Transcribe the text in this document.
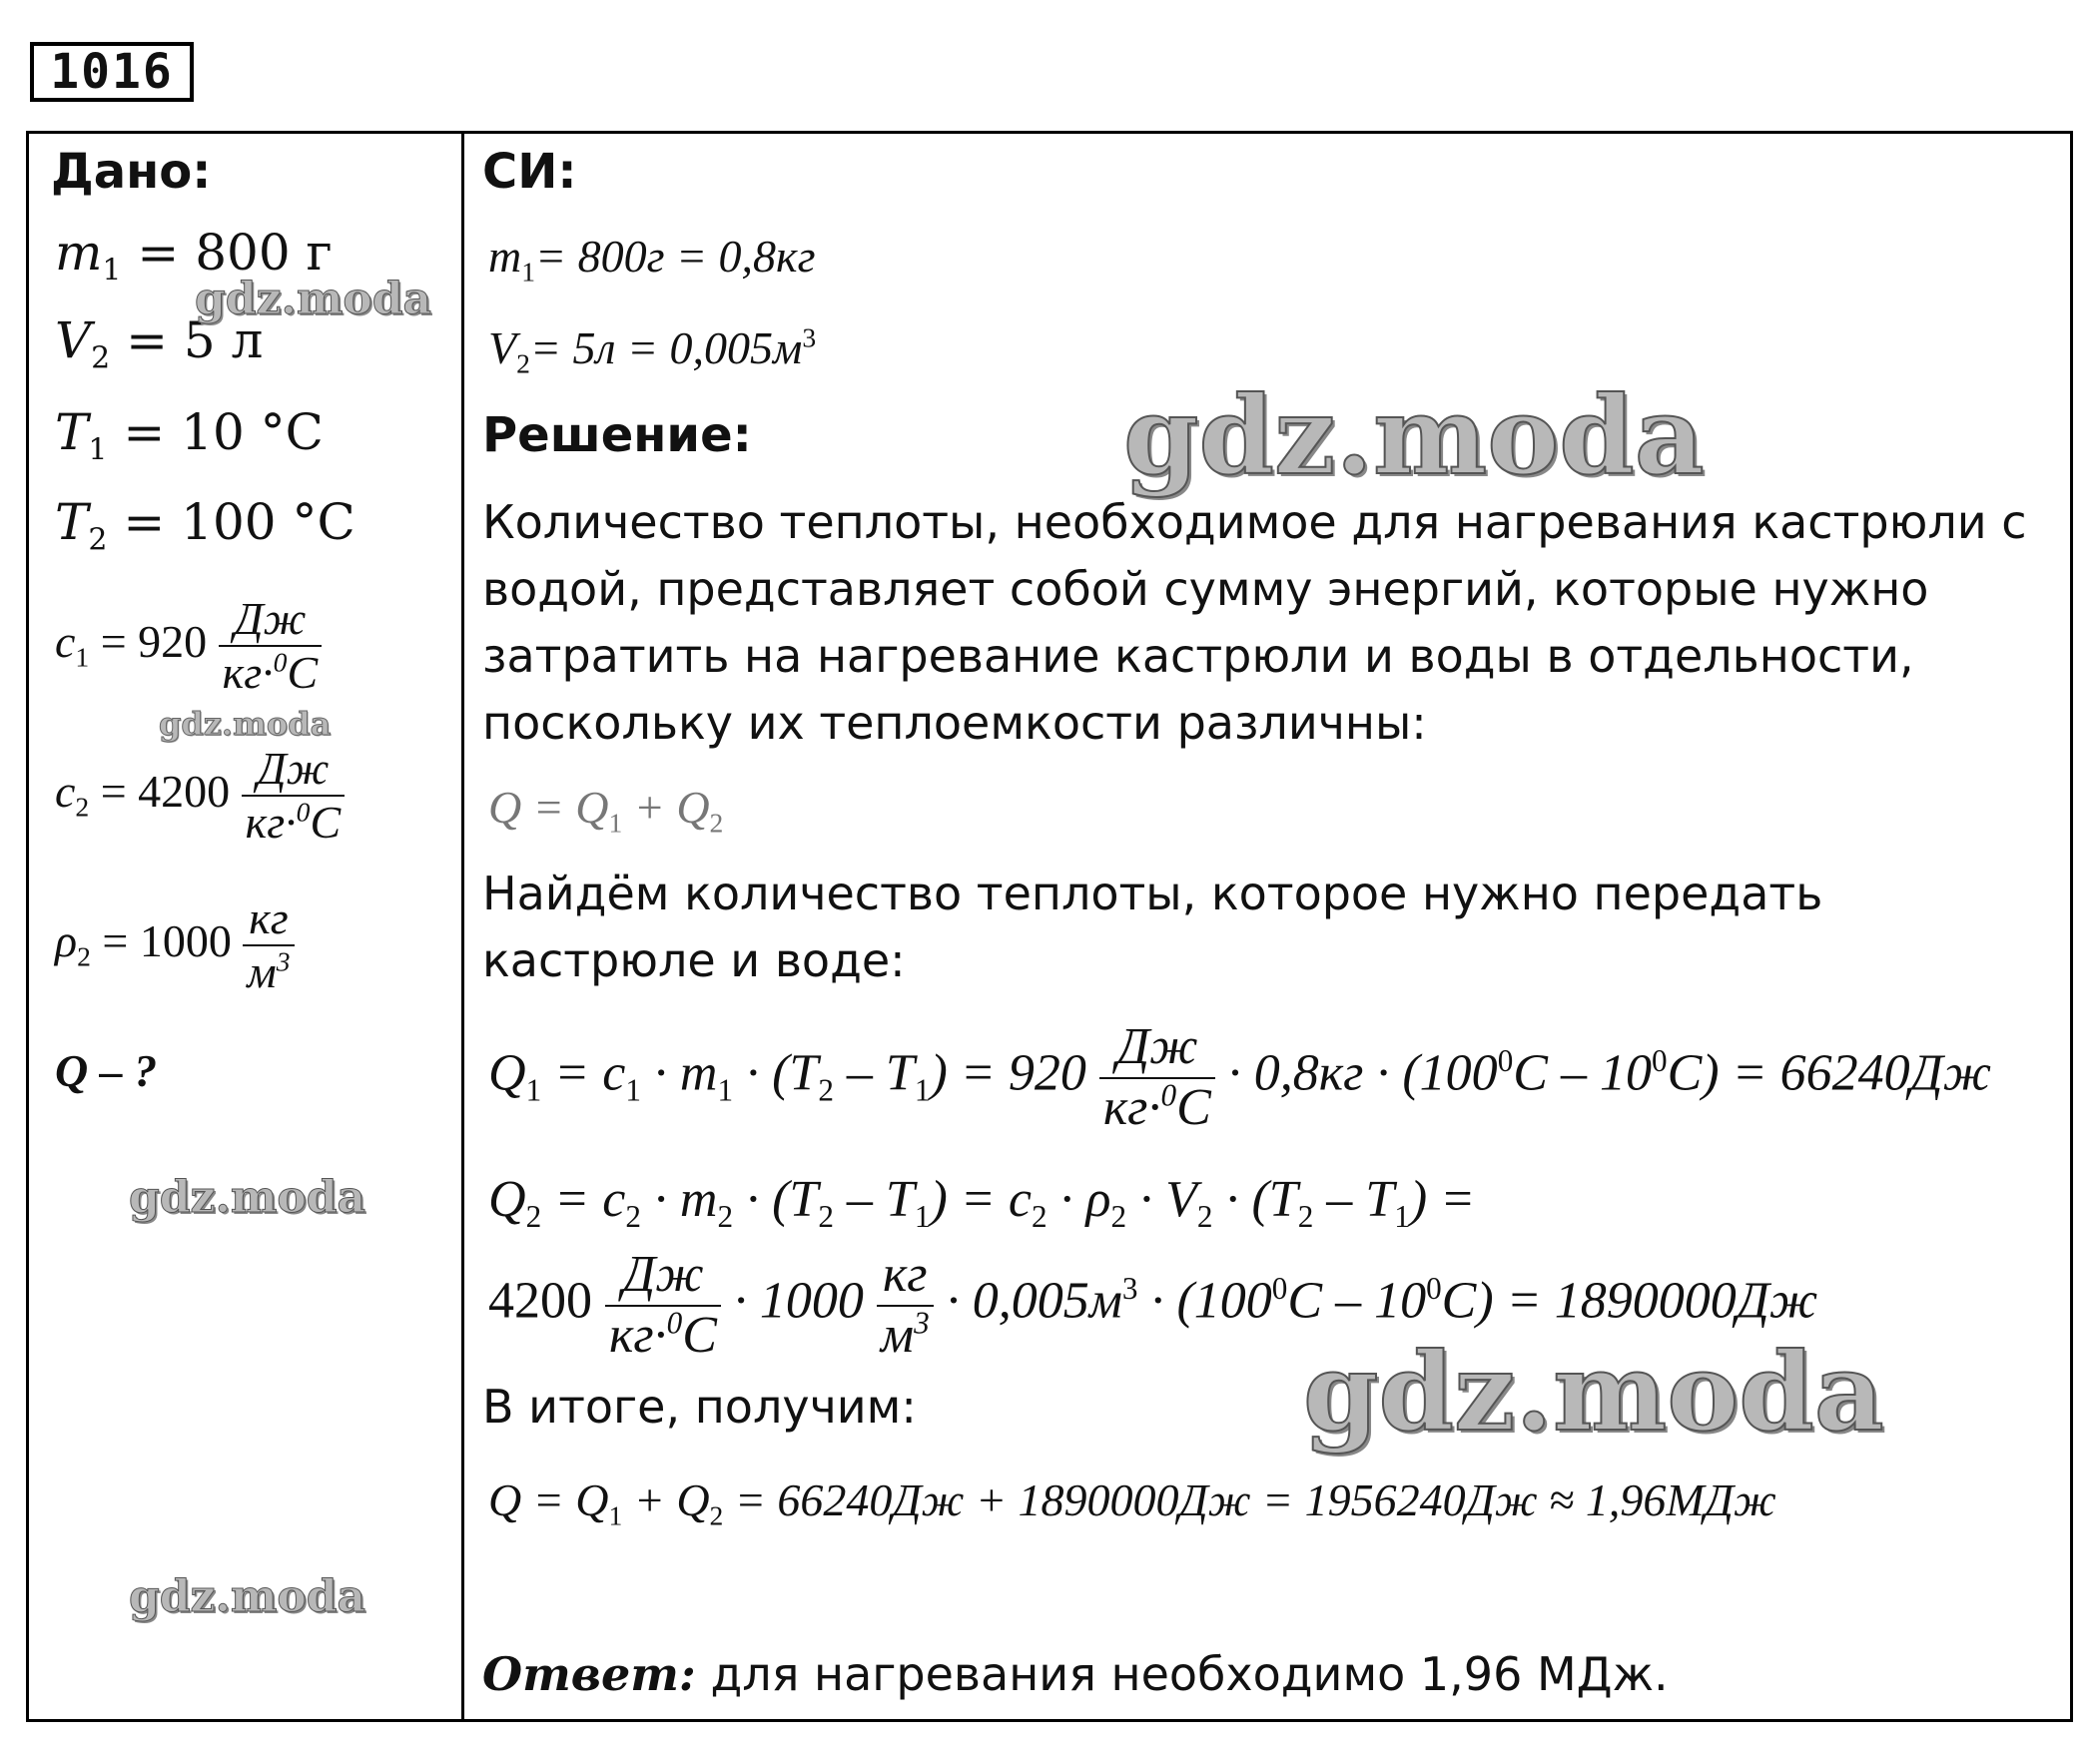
1016
Дано:
$m_1 = 800$ г
$V_2 = 5$ л
$T_1 = 10$ °C
$T_2 = 100$ °C
$c_1 = 920 \frac{Дж}{кг\cdot^0C}$
$c_2 = 4200 \frac{Дж}{кг\cdot^0C}$
$\rho_2 = 1000 \frac{кг}{м^3}$
Q – ?
gdz.moda
gdz.moda
gdz.moda
gdz.moda
СИ:
$m_1= 800г = 0,8кг$
$V_2= 5л = 0,005м^3$
Решение:
Количество теплоты, необходимое для нагревания кастрюли с
водой, представляет собой сумму энергий, которые нужно
затратить на нагревание кастрюли и воды в отдельности,
поскольку их теплоемкости различны:
$Q = Q_1 + Q_2$
Найдём количество теплоты, которое нужно передать
кастрюле и воде:
$Q_1 = c_1 \cdot m_1 \cdot (T_2 - T_1) = 920 \frac{Дж}{кг\cdot^0C} \cdot 0,8кг \cdot (100^0C - 10^0C) = 66240Дж$
$Q_2 = c_2 \cdot m_2 \cdot (T_2 - T_1) = c_2 \cdot \rho_2 \cdot V_2 \cdot (T_2 - T_1)$ =
$4200 \frac{Дж}{кг\cdot^0C} \cdot 1000 \frac{кг}{м^3} \cdot 0,005м^3 \cdot (100^0C - 10^0C) = 1890000Дж$
В итоге, получим:
$Q = Q_1 + Q_2 = 66240Дж + 1890000Дж = 1956240Дж \approx 1,96МДж$
Ответ: для нагревания необходимо 1,96 МДж.
gdz.moda
gdz.moda
